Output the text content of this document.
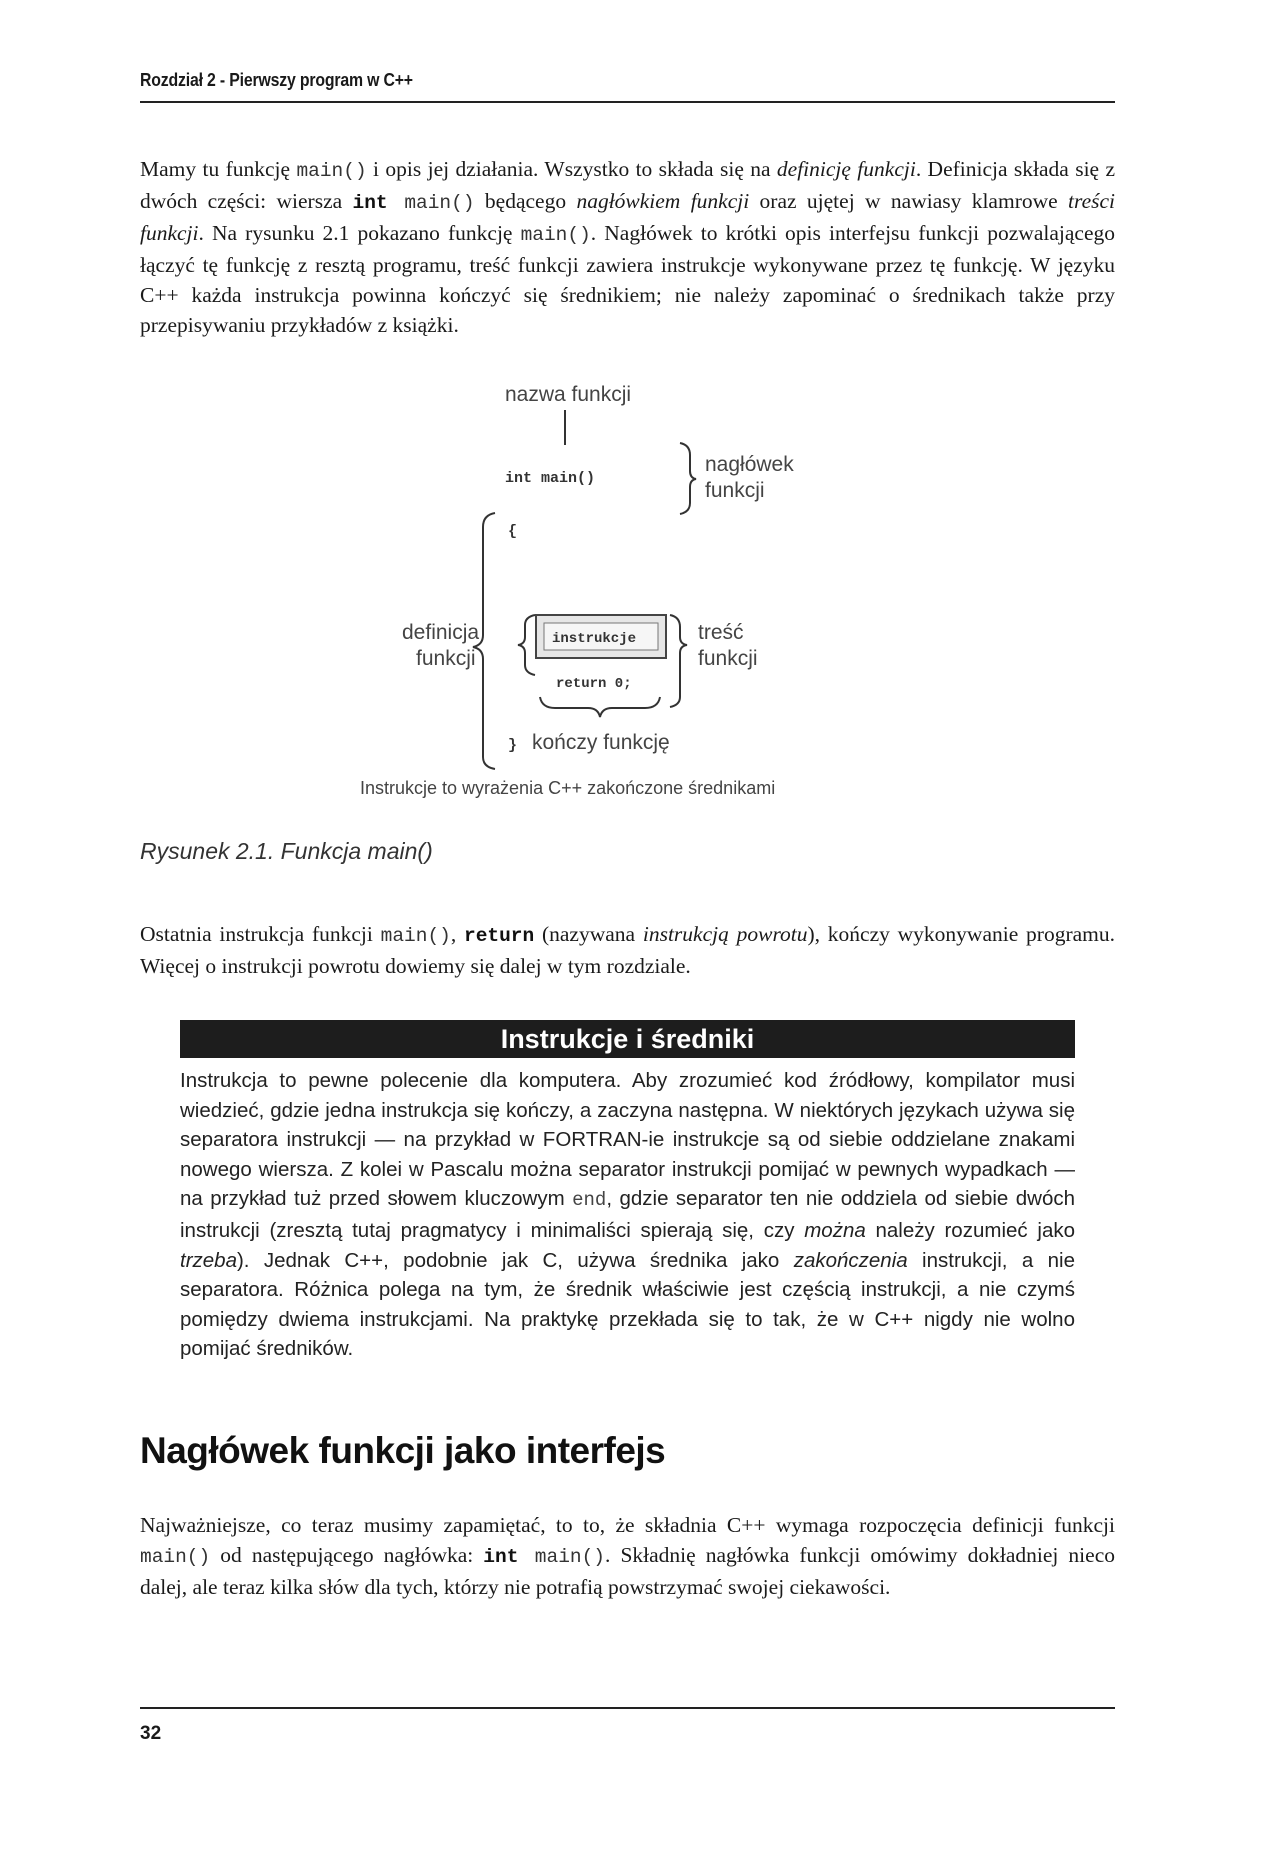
Rozdział 2 - Pierwszy program w C++
Mamy tu funkcję main() i opis jej działania. Wszystko to składa się na definicję funkcji. Definicja składa się z dwóch części: wiersza int main() będącego nagłówkiem funkcji oraz ujętej w nawiasy klamrowe treści funkcji. Na rysunku 2.1 pokazano funkcję main(). Nagłówek to krótki opis interfejsu funkcji pozwalającego łączyć tę funkcję z resztą programu, treść funkcji zawiera instrukcje wykonywane przez tę funkcję. W języku C++ każda instrukcja powinna kończyć się średnikiem; nie należy zapominać o średnikach także przy przepisywaniu przykładów z książki.
nazwa funkcji
int main()
nagłówek
funkcji
{
definicja
funkcji
instrukcje
return 0;
treść
funkcji
} kończy funkcję
Instrukcje to wyrażenia C++ zakończone średnikami
Rysunek 2.1. Funkcja main()
Ostatnia instrukcja funkcji main(), return (nazywana instrukcją powrotu), kończy wykonywanie programu. Więcej o instrukcji powrotu dowiemy się dalej w tym rozdziale.
Instrukcje i średniki
Instrukcja to pewne polecenie dla komputera. Aby zrozumieć kod źródłowy, kompilator musi wiedzieć, gdzie jedna instrukcja się kończy, a zaczyna następna. W niektórych językach używa się separatora instrukcji — na przykład w FORTRAN-ie instrukcje są od siebie oddzielane znakami nowego wiersza. Z kolei w Pascalu można separator instrukcji pomijać w pewnych wypadkach — na przykład tuż przed słowem kluczowym end, gdzie separator ten nie oddziela od siebie dwóch instrukcji (zresztą tutaj pragmatycy i minimaliści spierają się, czy można należy rozumieć jako trzeba). Jednak C++, podobnie jak C, używa średnika jako zakończenia instrukcji, a nie separatora. Różnica polega na tym, że średnik właściwie jest częścią instrukcji, a nie czymś pomiędzy dwiema instrukcjami. Na praktykę przekłada się to tak, że w C++ nigdy nie wolno pomijać średników.
Nagłówek funkcji jako interfejs
Najważniejsze, co teraz musimy zapamiętać, to to, że składnia C++ wymaga rozpoczęcia definicji funkcji main() od następującego nagłówka: int main(). Składnię nagłówka funkcji omówimy dokładniej nieco dalej, ale teraz kilka słów dla tych, którzy nie potrafią powstrzymać swojej ciekawości.
32
